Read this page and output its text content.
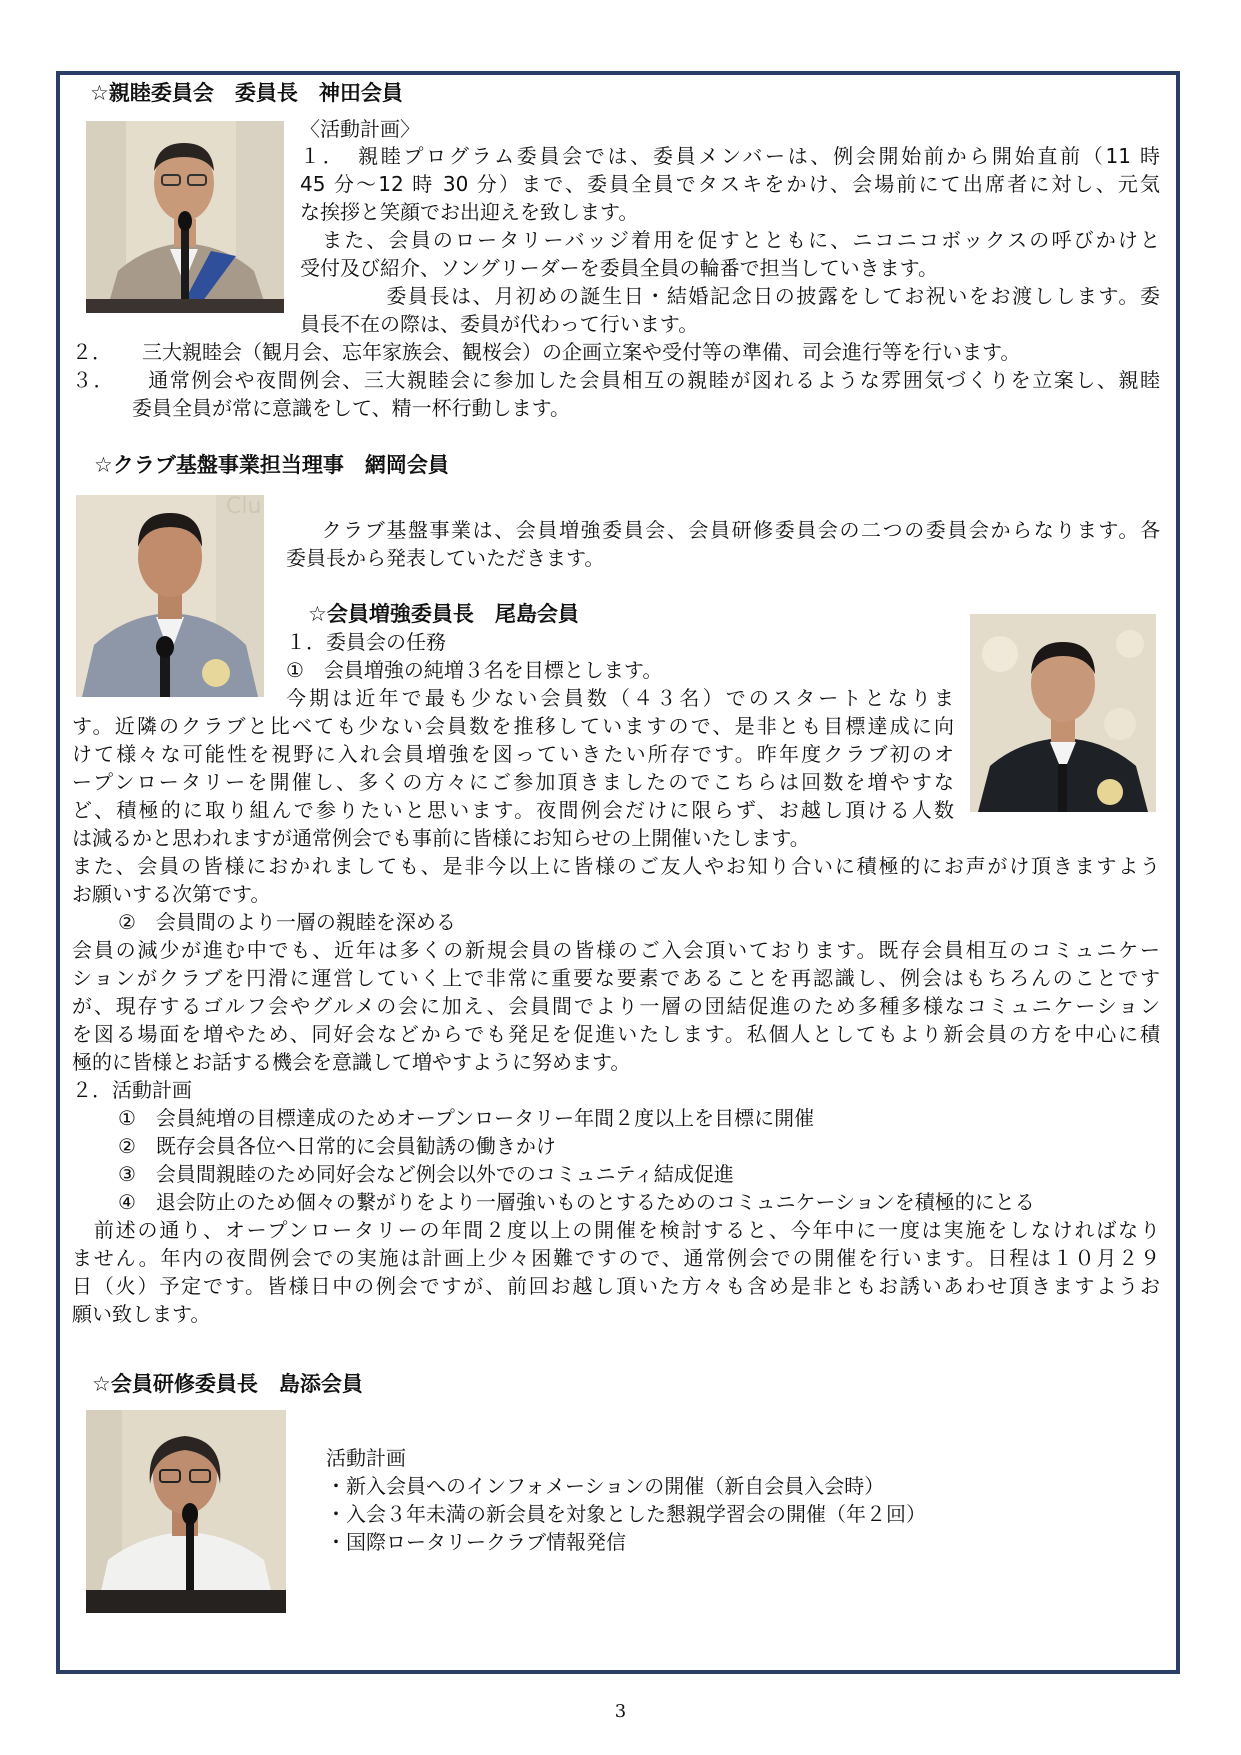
☆親睦委員会　委員長　神田会員
〈活動計画〉
１．　親睦プログラム委員会では、委員メンバーは、例会開始前から開始直前（11 時
45 分～12 時 30 分）まで、委員全員でタスキをかけ、会場前にて出席者に対し、元気
な挨拶と笑顔でお出迎えを致します。
　また、会員のロータリーバッジ着用を促すとともに、ニコニコボックスの呼びかけと
受付及び紹介、ソングリーダーを委員全員の輪番で担当していきます。
　　　　委員長は、月初めの誕生日・結婚記念日の披露をしてお祝いをお渡しします。委
員長不在の際は、委員が代わって行います。
２．　　三大親睦会（観月会、忘年家族会、観桜会）の企画立案や受付等の準備、司会進行等を行います。
３．　　通常例会や夜間例会、三大親睦会に参加した会員相互の親睦が図れるような雰囲気づくりを立案し、親睦
　　　委員全員が常に意識をして、精一杯行動します。
☆クラブ基盤事業担当理事　網岡会員
Clu
　クラブ基盤事業は、会員増強委員会、会員研修委員会の二つの委員会からなります。各
委員長から発表していただきます。
☆会員増強委員長　尾島会員
１．委員会の任務
①　会員増強の純増３名を目標とします。
今期は近年で最も少ない会員数（４３名）でのスタートとなりま
す。近隣のクラブと比べても少ない会員数を推移していますので、是非とも目標達成に向
けて様々な可能性を視野に入れ会員増強を図っていきたい所存です。昨年度クラブ初のオ
ープンロータリーを開催し、多くの方々にご参加頂きましたのでこちらは回数を増やすな
ど、積極的に取り組んで参りたいと思います。夜間例会だけに限らず、お越し頂ける人数
は減るかと思われますが通常例会でも事前に皆様にお知らせの上開催いたします。
また、会員の皆様におかれましても、是非今以上に皆様のご友人やお知り合いに積極的にお声がけ頂きますよう
お願いする次第です。
②　会員間のより一層の親睦を深める
会員の減少が進む中でも、近年は多くの新規会員の皆様のご入会頂いております。既存会員相互のコミュニケー
ションがクラブを円滑に運営していく上で非常に重要な要素であることを再認識し、例会はもちろんのことです
が、現存するゴルフ会やグルメの会に加え、会員間でより一層の団結促進のため多種多様なコミュニケーション
を図る場面を増やため、同好会などからでも発足を促進いたします。私個人としてもより新会員の方を中心に積
極的に皆様とお話する機会を意識して増やすように努めます。
２．活動計画
①　会員純増の目標達成のためオープンロータリー年間２度以上を目標に開催
②　既存会員各位へ日常的に会員勧誘の働きかけ
③　会員間親睦のため同好会など例会以外でのコミュニティ結成促進
④　退会防止のため個々の繋がりをより一層強いものとするためのコミュニケーションを積極的にとる
　前述の通り、オープンロータリーの年間２度以上の開催を検討すると、今年中に一度は実施をしなければなり
ません。年内の夜間例会での実施は計画上少々困難ですので、通常例会での開催を行います。日程は１０月２９
日（火）予定です。皆様日中の例会ですが、前回お越し頂いた方々も含め是非ともお誘いあわせ頂きますようお
願い致します。
☆会員研修委員長　島添会員
活動計画
・新入会員へのインフォメーションの開催（新自会員入会時）
・入会３年未満の新会員を対象とした懇親学習会の開催（年２回）
・国際ロータリークラブ情報発信
3
